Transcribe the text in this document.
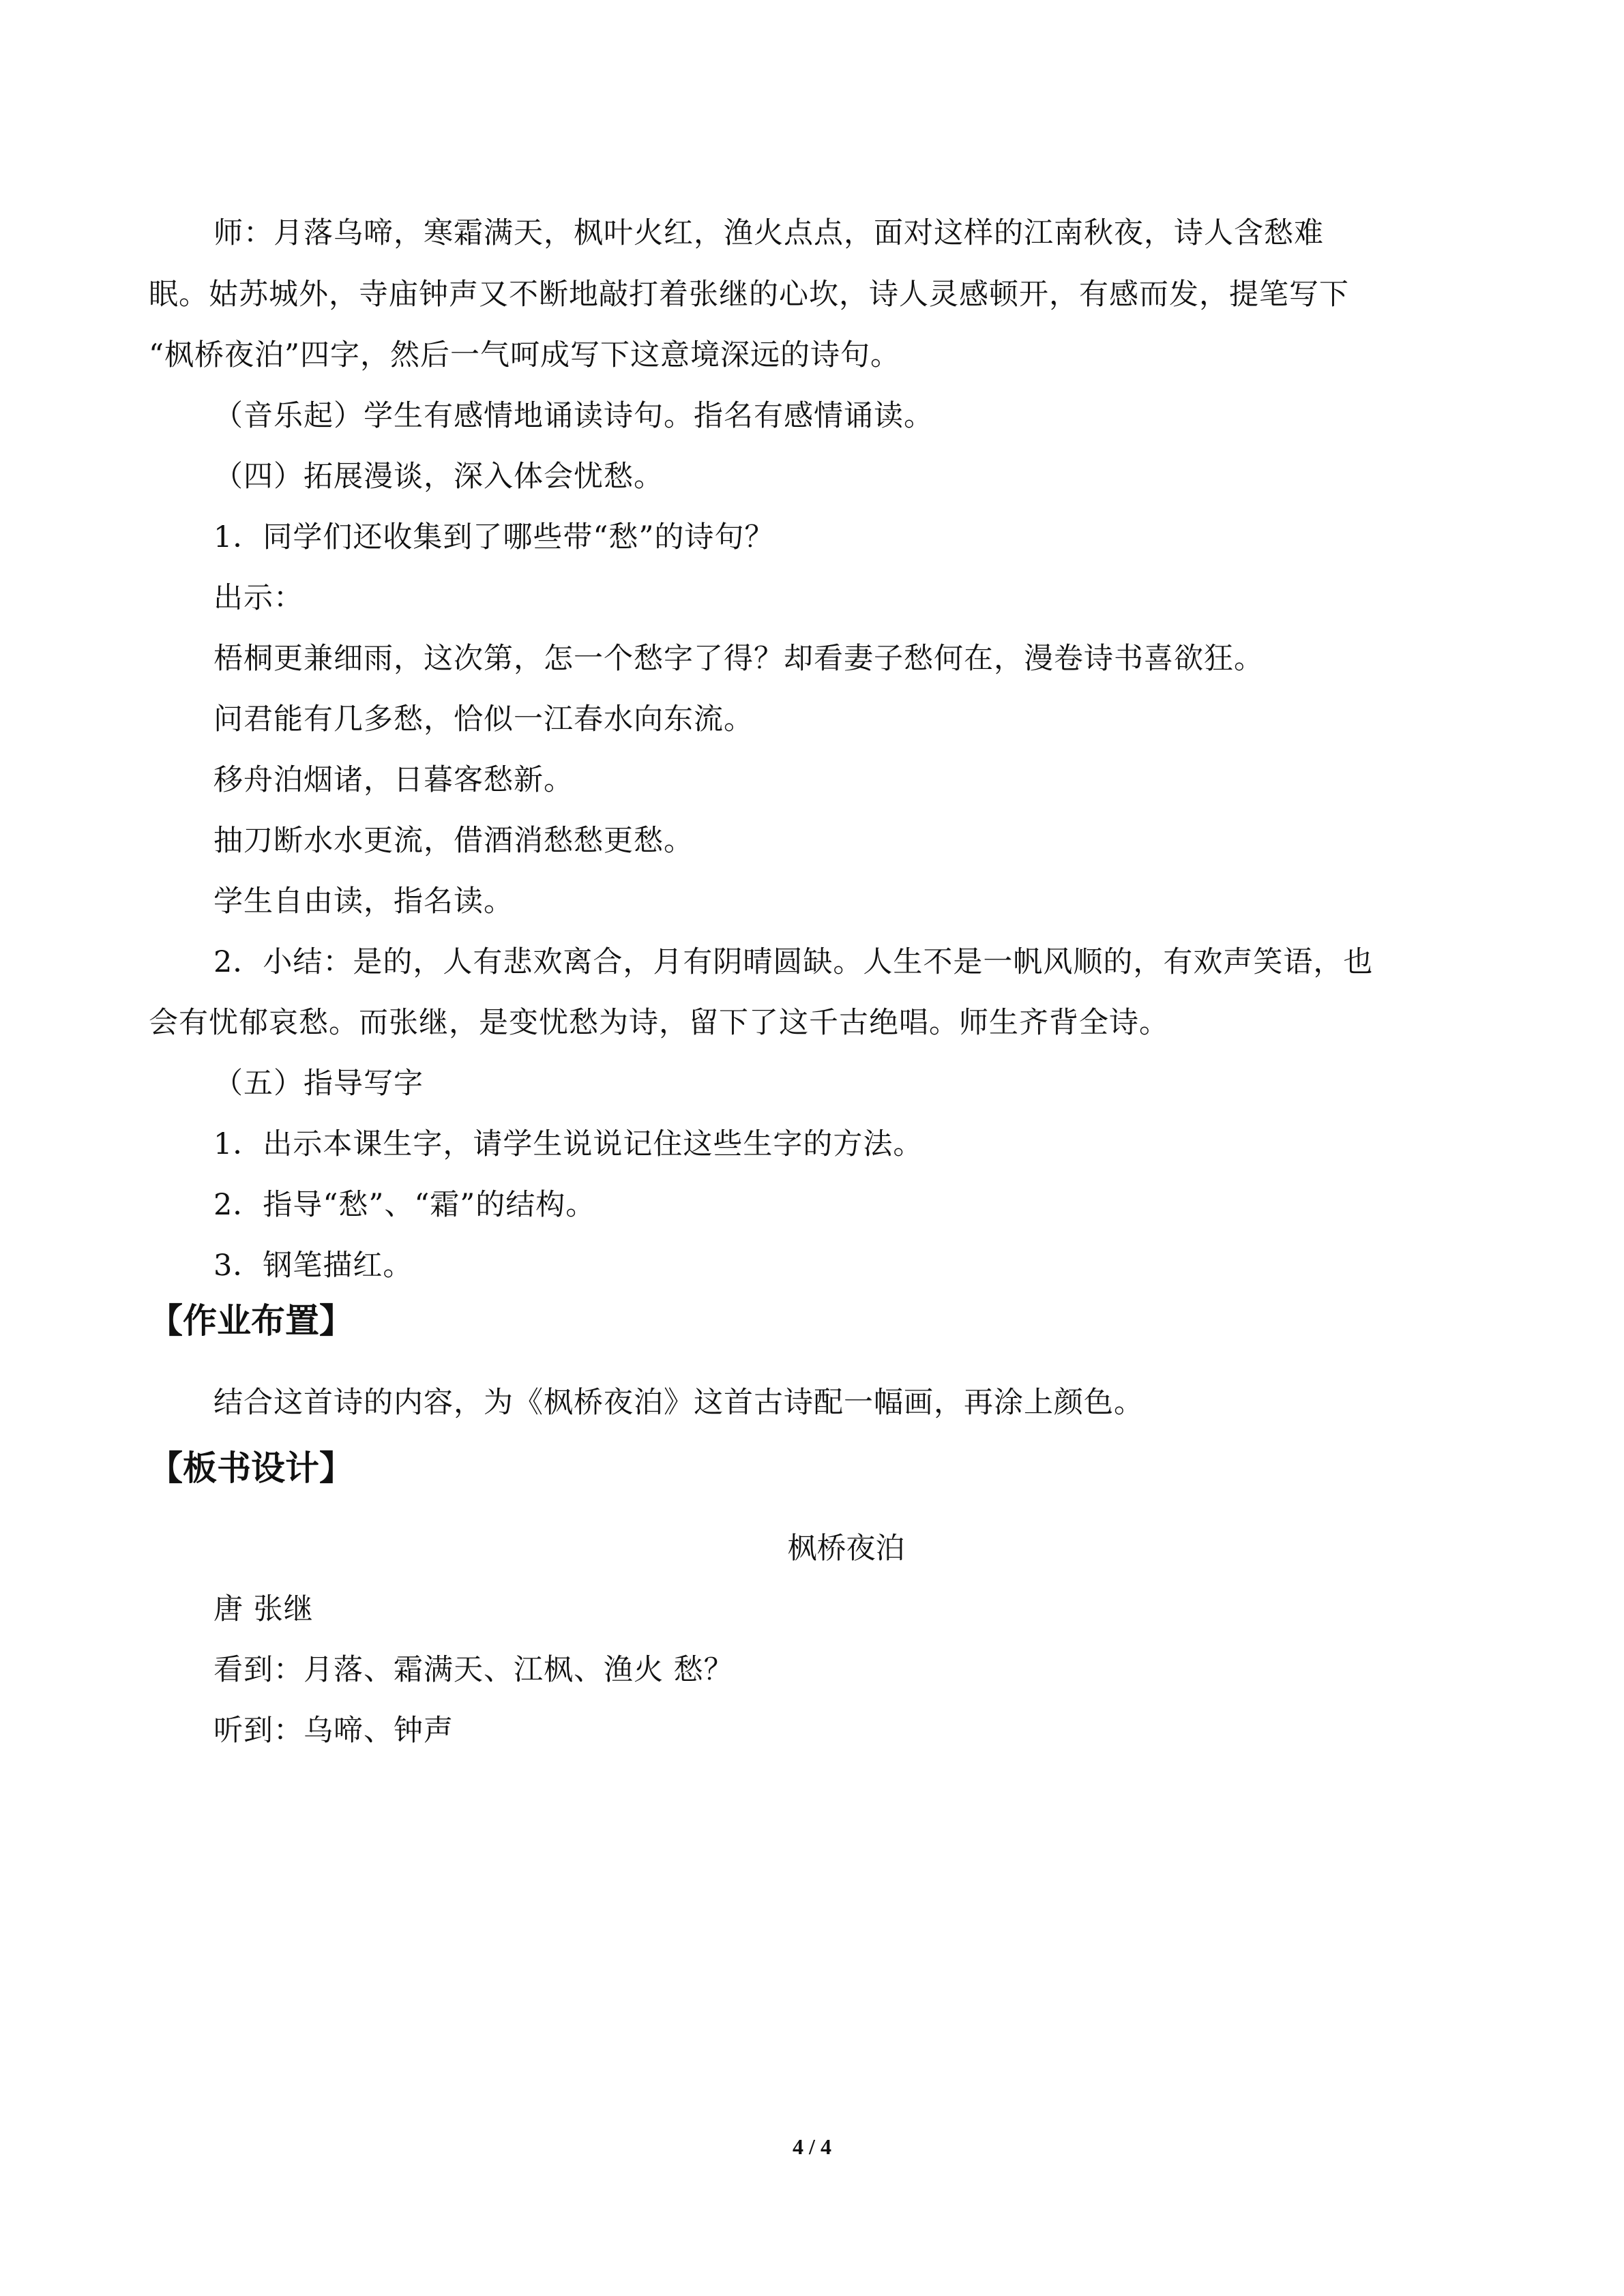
师：月落乌啼，寒霜满天，枫叶火红，渔火点点，面对这样的江南秋夜，诗人含愁难
眠。姑苏城外，寺庙钟声又不断地敲打着张继的心坎，诗人灵感顿开，有感而发，提笔写下
“枫桥夜泊”四字，然后一气呵成写下这意境深远的诗句。
（音乐起）学生有感情地诵读诗句。指名有感情诵读。
（四）拓展漫谈，深入体会忧愁。
1．同学们还收集到了哪些带“愁”的诗句？
出示：
梧桐更兼细雨，这次第，怎一个愁字了得？却看妻子愁何在，漫卷诗书喜欲狂。
问君能有几多愁，恰似一江春水向东流。
移舟泊烟诸，日暮客愁新。
抽刀断水水更流，借酒消愁愁更愁。
学生自由读，指名读。
2．小结：是的，人有悲欢离合，月有阴晴圆缺。人生不是一帆风顺的，有欢声笑语，也
会有忧郁哀愁。而张继，是变忧愁为诗，留下了这千古绝唱。师生齐背全诗。
（五）指导写字
1．出示本课生字，请学生说说记住这些生字的方法。
2．指导“愁”、“霜”的结构。
3．钢笔描红。
【作业布置】
结合这首诗的内容，为《枫桥夜泊》这首古诗配一幅画，再涂上颜色。
【板书设计】
枫桥夜泊
唐 张继
看到：月落、霜满天、江枫、渔火 愁？
听到：乌啼、钟声
4 / 4
